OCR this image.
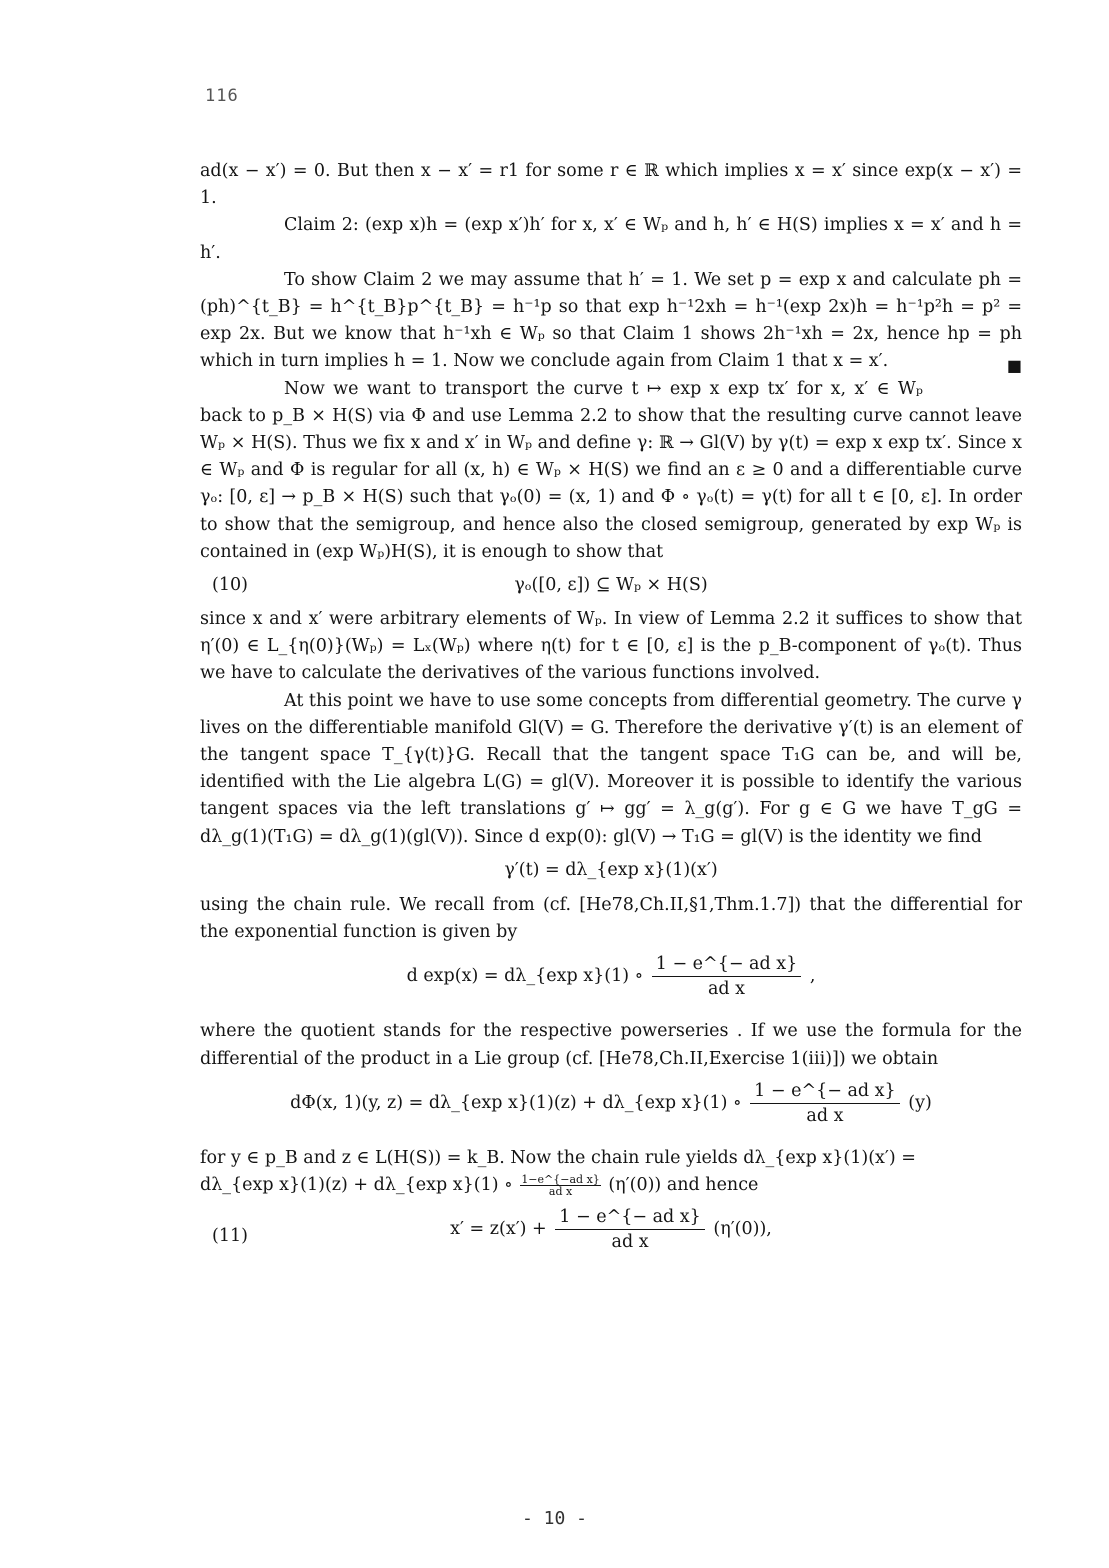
116

ad(x − x′) = 0. But then x − x′ = r1 for some r ∈ ℝ which implies x = x′ since exp(x − x′) = 1.

Claim 2: (exp x)h = (exp x′)h′ for x, x′ ∈ Wₚ and h, h′ ∈ H(S) implies x = x′ and h = h′.

To show Claim 2 we may assume that h′ = 1. We set p = exp x and calculate ph = (ph)^{t_B} = h^{t_B}p^{t_B} = h⁻¹p so that exp h⁻¹2xh = h⁻¹(exp 2x)h = h⁻¹p²h = p² = exp 2x. But we know that h⁻¹xh ∈ Wₚ so that Claim 1 shows 2h⁻¹xh = 2x, hence hp = ph which in turn implies h = 1. Now we conclude again from Claim 1 that x = x′.	■

Now we want to transport the curve t ↦ exp x exp tx′ for x, x′ ∈ Wₚ back to p_B × H(S) via Φ and use Lemma 2.2 to show that the resulting curve cannot leave Wₚ × H(S). Thus we fix x and x′ in Wₚ and define γ: ℝ → Gl(V) by γ(t) = exp x exp tx′. Since x ∈ Wₚ and Φ is regular for all (x, h) ∈ Wₚ × H(S) we find an ε ≥ 0 and a differentiable curve γₒ: [0, ε] → p_B × H(S) such that γₒ(0) = (x, 1) and Φ ∘ γₒ(t) = γ(t) for all t ∈ [0, ε]. In order to show that the semigroup, and hence also the closed semigroup, generated by exp Wₚ is contained in (exp Wₚ)H(S), it is enough to show that

(10)	γₒ([0, ε]) ⊆ Wₚ × H(S)

since x and x′ were arbitrary elements of Wₚ. In view of Lemma 2.2 it suffices to show that η′(0) ∈ L_{η(0)}(Wₚ) = Lₓ(Wₚ) where η(t) for t ∈ [0, ε] is the p_B-component of γₒ(t). Thus we have to calculate the derivatives of the various functions involved.

At this point we have to use some concepts from differential geometry. The curve γ lives on the differentiable manifold Gl(V) = G. Therefore the derivative γ′(t) is an element of the tangent space T_{γ(t)}G. Recall that the tangent space T₁G can be, and will be, identified with the Lie algebra L(G) = gl(V). Moreover it is possible to identify the various tangent spaces via the left translations g′ ↦ gg′ = λ_g(g′). For g ∈ G we have T_gG = dλ_g(1)(T₁G) = dλ_g(1)(gl(V)). Since d exp(0): gl(V) → T₁G = gl(V) is the identity we find

γ′(t) = dλ_{exp x}(1)(x′)

using the chain rule. We recall from (cf. [He78,Ch.II,§1,Thm.1.7]) that the differential for the exponential function is given by

d exp(x) = dλ_{exp x}(1) ∘ $\frac{\text{1 − e\textasciicircum{}\{− ad x\}}}{\text{ad x}}$ ,

where the quotient stands for the respective powerseries . If we use the formula for the differential of the product in a Lie group (cf. [He78,Ch.II,Exercise 1(iii)]) we obtain

dΦ(x, 1)(y, z) = dλ_{exp x}(1)(z) + dλ_{exp x}(1) ∘ $\frac{\text{1 − e\textasciicircum{}\{− ad x\}}}{\text{ad x}} (y)$

for y ∈ p_B and z ∈ L(H(S)) = k_B. Now the chain rule yields dλ_{exp x}(1)(x′) =
dλ_{exp x}(1)(z) + dλ_{exp x}(1) ∘ $\frac{\text{1−e\textasciicircum{}\{−ad x\}}}{\text{ad x}} (\eta'(0))$ and hence

(11)	$x' = z(x') + \frac{\text{1 − e\textasciicircum{}\{− ad x\}}}{\text{ad x}} (\eta'(0))$,
- 10 -
